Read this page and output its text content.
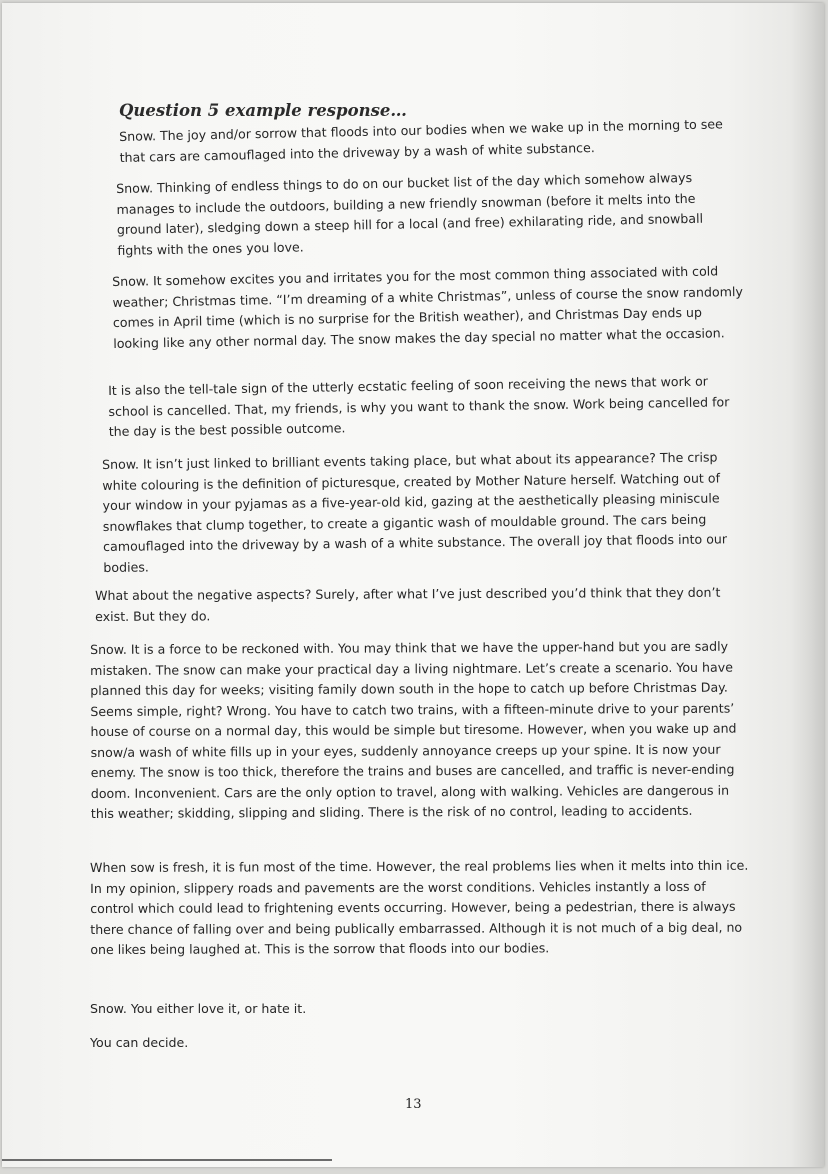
Question 5 example response…

Snow. The joy and/or sorrow that floods into our bodies when we wake up in the morning to see that cars are camouflaged into the driveway by a wash of white substance.

Snow. Thinking of endless things to do on our bucket list of the day which somehow always manages to include the outdoors, building a new friendly snowman (before it melts into the ground later), sledging down a steep hill for a local (and free) exhilarating ride, and snowball fights with the ones you love.

Snow. It somehow excites you and irritates you for the most common thing associated with cold weather; Christmas time. “I’m dreaming of a white Christmas”, unless of course the snow randomly comes in April time (which is no surprise for the British weather), and Christmas Day ends up looking like any other normal day. The snow makes the day special no matter what the occasion.

It is also the tell-tale sign of the utterly ecstatic feeling of soon receiving the news that work or school is cancelled. That, my friends, is why you want to thank the snow. Work being cancelled for the day is the best possible outcome.

Snow. It isn’t just linked to brilliant events taking place, but what about its appearance? The crisp white colouring is the definition of picturesque, created by Mother Nature herself. Watching out of your window in your pyjamas as a five-year-old kid, gazing at the aesthetically pleasing miniscule snowflakes that clump together, to create a gigantic wash of mouldable ground. The cars being camouflaged into the driveway by a wash of a white substance. The overall joy that floods into our bodies.

What about the negative aspects? Surely, after what I’ve just described you’d think that they don’t exist. But they do.

Snow. It is a force to be reckoned with. You may think that we have the upper-hand but you are sadly mistaken. The snow can make your practical day a living nightmare. Let’s create a scenario. You have planned this day for weeks; visiting family down south in the hope to catch up before Christmas Day. Seems simple, right? Wrong. You have to catch two trains, with a fifteen-minute drive to your parents’ house of course on a normal day, this would be simple but tiresome. However, when you wake up and snow/a wash of white fills up in your eyes, suddenly annoyance creeps up your spine. It is now your enemy. The snow is too thick, therefore the trains and buses are cancelled, and traffic is never-ending doom. Inconvenient. Cars are the only option to travel, along with walking. Vehicles are dangerous in this weather; skidding, slipping and sliding. There is the risk of no control, leading to accidents.

When sow is fresh, it is fun most of the time. However, the real problems lies when it melts into thin ice. In my opinion, slippery roads and pavements are the worst conditions. Vehicles instantly a loss of control which could lead to frightening events occurring. However, being a pedestrian, there is always there chance of falling over and being publically embarrassed. Although it is not much of a big deal, no one likes being laughed at. This is the sorrow that floods into our bodies.

Snow. You either love it, or hate it.

You can decide.

13
